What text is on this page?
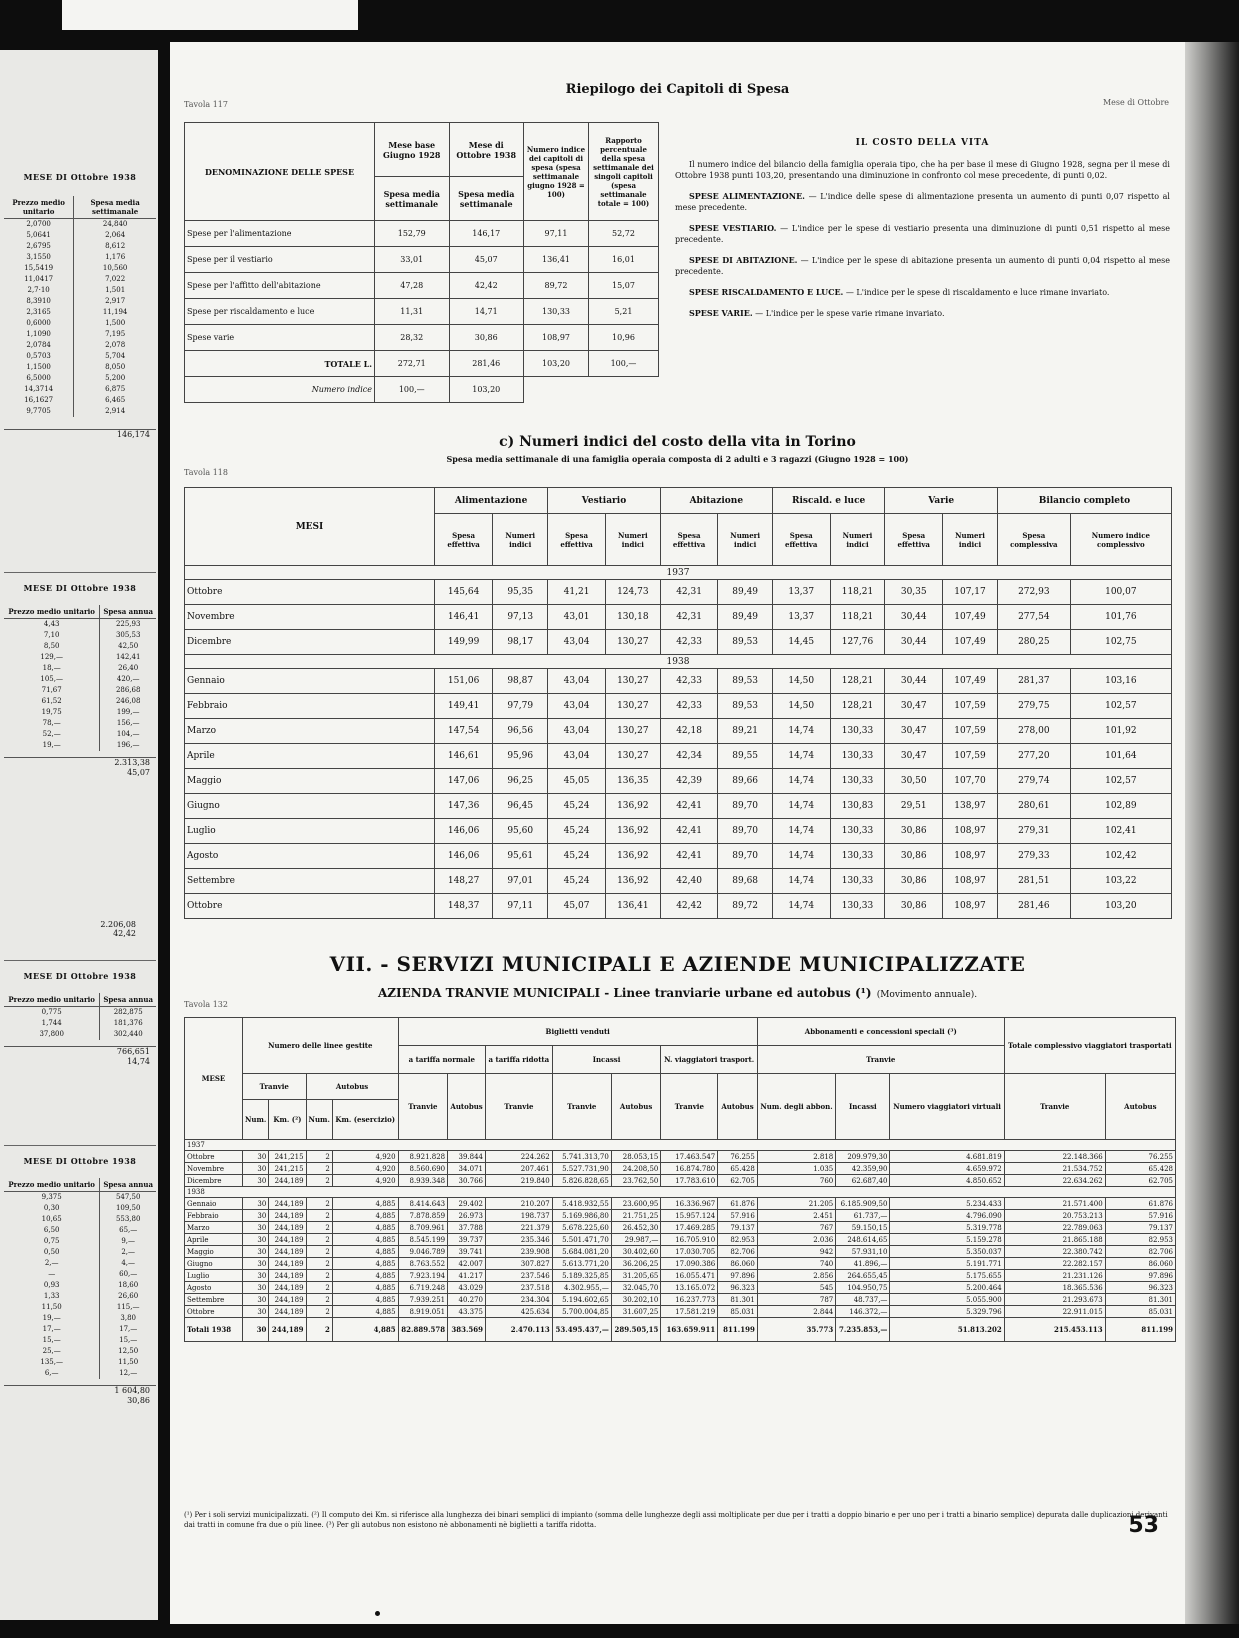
MESE DI Ottobre 1938
Prezzo medio unitario	Spesa media settimanale
2,0700	24,840
5,0641	2,064
2,6795	8,612
3,1550	1,176
15,5419	10,560
11,0417	7,022
2,7·10	1,501
8,3910	2,917
2,3165	11,194
0,6000	1,500
1,1090	7,195
2,0784	2,078
0,5703	5,704
1,1500	8,050
6,5000	5,200
14,3714	6,875
16,1627	6,465
9,7705	2,914
146,174
MESE DI Ottobre 1938
Prezzo medio unitario	Spesa annua
4,43	225,93
7,10	305,53
8,50	42,50
129,—	142,41
18,—	26,40
105,—	420,—
71,67	286,68
61,52	246,08
19,75	199,—
78,—	156,—
52,—	104,—
19,—	196,—
2.313,38
45,07
2.206,08
42,42
MESE DI Ottobre 1938
Prezzo medio unitario	Spesa annua
0,775	282,875
1,744	181,376
37,800	302,440
766,651
14,74
MESE DI Ottobre 1938
Prezzo medio unitario	Spesa annua
9,375	547,50
0,30	109,50
10,65	553,80
6,50	65,—
0,75	9,—
0,50	2,—
2,—	4,—
—	60,—
0,93	18,60
1,33	26,60
11,50	115,—
19,—	3,80
17,—	17,—
15,—	15,—
25,—	12,50
135,—	11,50
6,—	12,—
1 604,80
30,86
Tavola 117
Riepilogo dei Capitoli di Spesa
Mese di Ottobre
DENOMINAZIONE DELLE SPESE	Mese base Giugno 1928	Mese di Ottobre 1938	Numero indice dei capitoli di spesa (spesa settimanale giugno 1928 = 100)	Rapporto percentuale della spesa settimanale dei singoli capitoli (spesa settimanale totale = 100)
	Spesa media settimanale	Spesa media settimanale		
Spese per l'alimentazione	152,79	146,17	97,11	52,72
Spese per il vestiario	33,01	45,07	136,41	16,01
Spese per l'affitto dell'abitazione	47,28	42,42	89,72	15,07
Spese per riscaldamento e luce	11,31	14,71	130,33	5,21
Spese varie	28,32	30,86	108,97	10,96
TOTALE L.	272,71	281,46	103,20	100,—
Numero indice	100,—	103,20		
IL COSTO DELLA VITA

Il numero indice del bilancio della famiglia operaia tipo, che ha per base il mese di Giugno 1928, segna per il mese di Ottobre 1938 punti 103,20, presentando una diminuzione in confronto col mese precedente, di punti 0,02.

SPESE ALIMENTAZIONE. — L'indice delle spese di alimentazione presenta un aumento di punti 0,07 rispetto al mese precedente.

SPESE VESTIARIO. — L'indice per le spese di vestiario presenta una diminuzione di punti 0,51 rispetto al mese precedente.

SPESE DI ABITAZIONE. — L'indice per le spese di abitazione presenta un aumento di punti 0,04 rispetto al mese precedente.

SPESE RISCALDAMENTO E LUCE. — L'indice per le spese di riscaldamento e luce rimane invariato.

SPESE VARIE. — L'indice per le spese varie rimane invariato.

c) Numeri indici del costo della vita in Torino
Spesa media settimanale di una famiglia operaia composta di 2 adulti e 3 ragazzi (Giugno 1928 = 100)
Tavola 118
MESI	Alimentazione		Vestiario		Abitazione		Riscald. e luce		Varie		Bilancio completo	
	Spesa effettiva	Numeri indici	Spesa effettiva	Numeri indici	Spesa effettiva	Numeri indici	Spesa effettiva	Numeri indici	Spesa effettiva	Numeri indici	Spesa complessiva	Numero indice complessivo
1937												
Ottobre	145,64	95,35	41,21	124,73	42,31	89,49	13,37	118,21	30,35	107,17	272,93	100,07
Novembre	146,41	97,13	43,01	130,18	42,31	89,49	13,37	118,21	30,44	107,49	277,54	101,76
Dicembre	149,99	98,17	43,04	130,27	42,33	89,53	14,45	127,76	30,44	107,49	280,25	102,75
1938												
Gennaio	151,06	98,87	43,04	130,27	42,33	89,53	14,50	128,21	30,44	107,49	281,37	103,16
Febbraio	149,41	97,79	43,04	130,27	42,33	89,53	14,50	128,21	30,47	107,59	279,75	102,57
Marzo	147,54	96,56	43,04	130,27	42,18	89,21	14,74	130,33	30,47	107,59	278,00	101,92
Aprile	146,61	95,96	43,04	130,27	42,34	89,55	14,74	130,33	30,47	107,59	277,20	101,64
Maggio	147,06	96,25	45,05	136,35	42,39	89,66	14,74	130,33	30,50	107,70	279,74	102,57
Giugno	147,36	96,45	45,24	136,92	42,41	89,70	14,74	130,83	29,51	138,97	280,61	102,89
Luglio	146,06	95,60	45,24	136,92	42,41	89,70	14,74	130,33	30,86	108,97	279,31	102,41
Agosto	146,06	95,61	45,24	136,92	42,41	89,70	14,74	130,33	30,86	108,97	279,33	102,42
Settembre	148,27	97,01	45,24	136,92	42,40	89,68	14,74	130,33	30,86	108,97	281,51	103,22
Ottobre	148,37	97,11	45,07	136,41	42,42	89,72	14,74	130,33	30,86	108,97	281,46	103,20
VII. - SERVIZI MUNICIPALI E AZIENDE MUNICIPALIZZATE
AZIENDA TRANVIE MUNICIPALI - Linee tranviarie urbane ed autobus (¹) (Movimento annuale).
Tavola 132
MESE	Numero delle linee gestite				Biglietti venduti							Abbonamenti e concessioni speciali (³)			Totale complessivo viaggiatori trasportati	
					a tariffa normale		a tariffa ridotta	Incassi		N. viaggiatori trasport.		Tranvie				
	Tranvie		Autobus		Tranvie	Autobus	Tranvie	Tranvie	Autobus	Tranvie	Autobus	Num. degli abbon.	Incassi	Numero viaggiatori virtuali	Tranvie	Autobus
	Num.	Km. (²)	Num.	Km. (esercizio)												
1937																
Ottobre	30	241,215	2	4,920	8.921.828	39.844	224.262	5.741.313,70	28.053,15	17.463.547	76.255	2.818	209.979,30	4.681.819	22.148.366	76.255
Novembre	30	241,215	2	4,920	8.560.690	34.071	207.461	5.527.731,90	24.208,50	16.874.780	65.428	1.035	42.359,90	4.659.972	21.534.752	65.428
Dicembre	30	244,189	2	4,920	8.939.348	30.766	219.840	5.826.828,65	23.762,50	17.783.610	62.705	760	62.687,40	4.850.652	22.634.262	62.705
1938																
Gennaio	30	244,189	2	4,885	8.414.643	29.402	210.207	5.418.932,55	23.600,95	16.336.967	61.876	21.205	6.185.909,50	5.234.433	21.571.400	61.876
Febbraio	30	244,189	2	4,885	7.878.859	26.973	198.737	5.169.986,80	21.751,25	15.957.124	57.916	2.451	61.737,—	4.796.090	20.753.213	57.916
Marzo	30	244,189	2	4,885	8.709.961	37.788	221.379	5.678.225,60	26.452,30	17.469.285	79.137	767	59.150,15	5.319.778	22.789.063	79.137
Aprile	30	244,189	2	4,885	8.545.199	39.737	235.346	5.501.471,70	29.987,—	16.705.910	82.953	2.036	248.614,65	5.159.278	21.865.188	82.953
Maggio	30	244,189	2	4,885	9.046.789	39.741	239.908	5.684.081,20	30.402,60	17.030.705	82.706	942	57.931,10	5.350.037	22.380.742	82.706
Giugno	30	244,189	2	4,885	8.763.552	42.007	307.827	5.613.771,20	36.206,25	17.090.386	86.060	740	41.896,—	5.191.771	22.282.157	86.060
Luglio	30	244,189	2	4,885	7.923.194	41.217	237.546	5.189.325,85	31.205,65	16.055.471	97.896	2.856	264.655,45	5.175.655	21.231.126	97.896
Agosto	30	244,189	2	4,885	6.719.248	43.029	237.518	4.302.955,—	32.045,70	13.165.072	96.323	545	104.950,75	5.200.464	18.365.536	96.323
Settembre	30	244,189	2	4,885	7.939.251	40.270	234.304	5.194.602,65	30.202,10	16.237.773	81.301	787	48.737,—	5.055.900	21.293.673	81.301
Ottobre	30	244,189	2	4,885	8.919.051	43.375	425.634	5.700.004,85	31.607,25	17.581.219	85.031	2.844	146.372,—	5.329.796	22.911.015	85.031
Totali 1938	30	244,189	2	4,885	82.889.578	383.569	2.470.113	53.495.437,—	289.505,15	163.659.911	811.199	35.773	7.235.853,—	51.813.202	215.453.113	811.199
(¹) Per i soli servizi municipalizzati. (²) Il computo dei Km. si riferisce alla lunghezza dei binari semplici di impianto (somma delle lunghezze degli assi moltiplicate per due per i tratti a doppio binario e per uno per i tratti a binario semplice) depurata dalle duplicazioni derivanti dai tratti in comune fra due o più linee. (³) Per gli autobus non esistono nè abbonamenti nè biglietti a tariffa ridotta.	53
